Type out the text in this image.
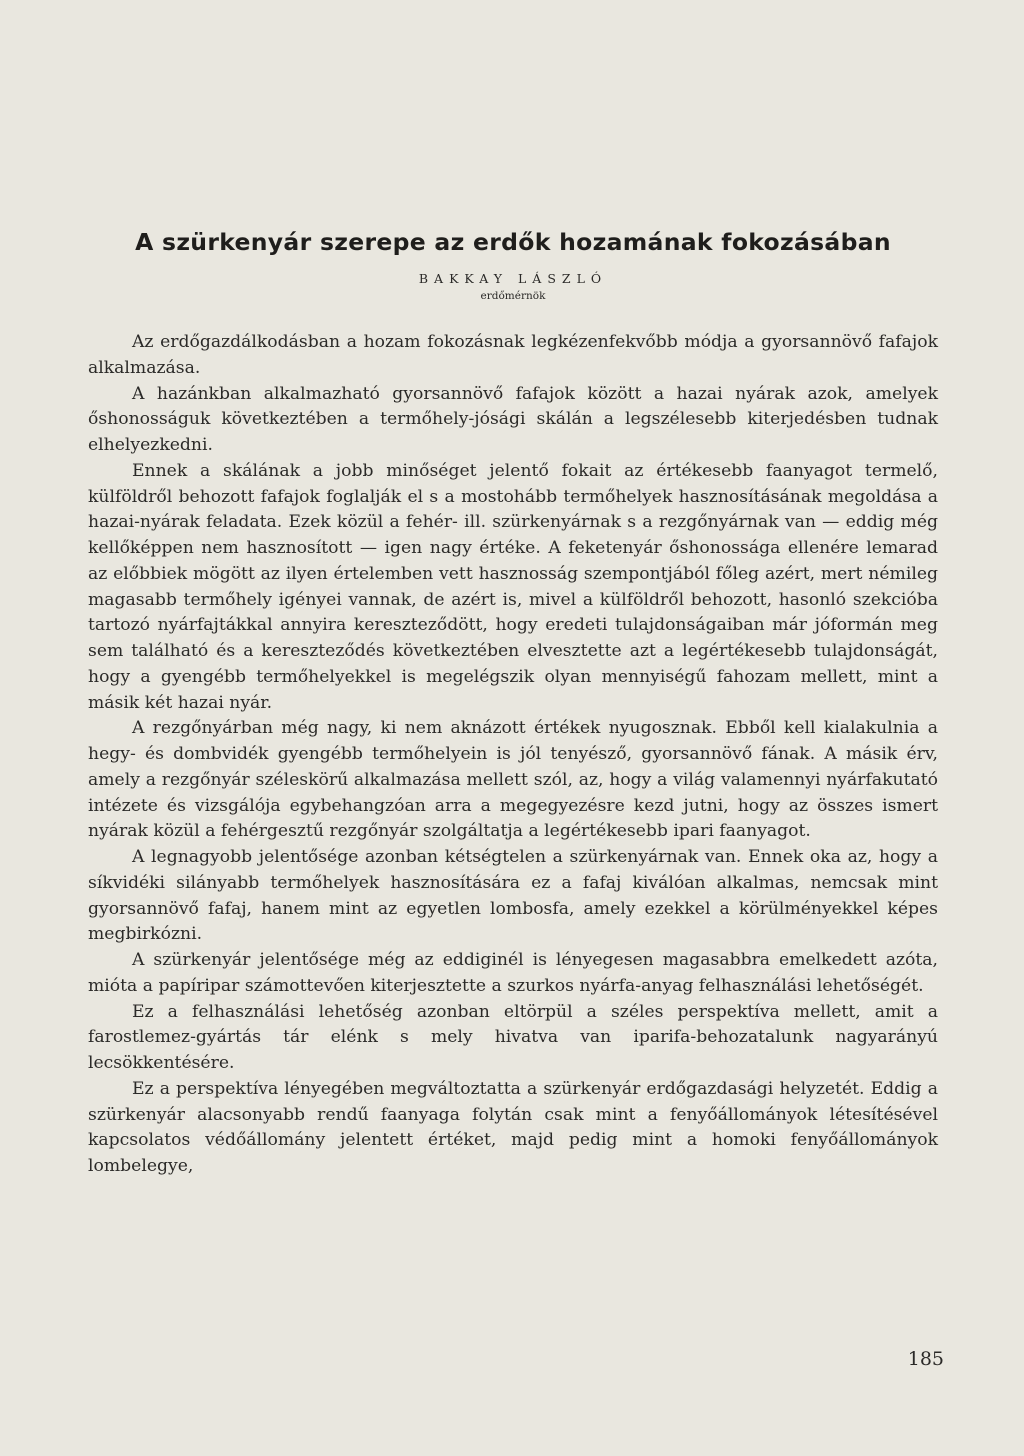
A szürkenyár szerepe az erdők hozamának fokozásában
BAKKAY LÁSZLÓ
erdőmérnök

Az erdőgazdálkodásban a hozam fokozásnak legkézenfekvőbb módja a gyorsannövő fafajok alkalmazása.

A hazánkban alkalmazható gyorsannövő fafajok között a hazai nyárak azok, amelyek őshonosságuk következtében a termőhely-jósági skálán a legszélesebb kiterjedésben tudnak elhelyezkedni.

Ennek a skálának a jobb minőséget jelentő fokait az értékesebb faanyagot termelő, külföldről behozott fafajok foglalják el s a mostohább termőhelyek hasznosításának megoldása a hazai-nyárak feladata. Ezek közül a fehér- ill. szürkenyárnak s a rezgőnyárnak van — eddig még kellőképpen nem hasznosított — igen nagy értéke. A feketenyár őshonossága ellenére lemarad az előbbiek mögött az ilyen értelemben vett hasznosság szempontjából főleg azért, mert némileg magasabb termőhely igényei vannak, de azért is, mivel a külföldről behozott, hasonló szekcióba tartozó nyárfajtákkal annyira kereszteződött, hogy eredeti tulajdonságaiban már jóformán meg sem található és a kereszteződés következtében elvesztette azt a legértékesebb tulajdonságát, hogy a gyengébb termőhelyekkel is megelégszik olyan mennyiségű fahozam mellett, mint a másik két hazai nyár.

A rezgőnyárban még nagy, ki nem aknázott értékek nyugosznak. Ebből kell kialakulnia a hegy- és dombvidék gyengébb termőhelyein is jól tenyésző, gyorsannövő fának. A másik érv, amely a rezgőnyár széleskörű alkalmazása mellett szól, az, hogy a világ valamennyi nyárfakutató intézete és vizsgálója egybehangzóan arra a megegyezésre kezd jutni, hogy az összes ismert nyárak közül a fehérgesztű rezgőnyár szolgáltatja a legértékesebb ipari faanyagot.

A legnagyobb jelentősége azonban kétségtelen a szürkenyárnak van. Ennek oka az, hogy a síkvidéki silányabb termőhelyek hasznosítására ez a fafaj kiválóan alkalmas, nemcsak mint gyorsannövő fafaj, hanem mint az egyetlen lombosfa, amely ezekkel a körülményekkel képes megbirkózni.

A szürkenyár jelentősége még az eddiginél is lényegesen magasabbra emelkedett azóta, mióta a papíripar számottevően kiterjesztette a szurkos nyárfa-anyag felhasználási lehetőségét.

Ez a felhasználási lehetőség azonban eltörpül a széles perspektíva mellett, amit a farostlemez-gyártás tár elénk s mely hivatva van iparifa-behozatalunk nagyarányú lecsökkentésére.

Ez a perspektíva lényegében megváltoztatta a szürkenyár erdőgazdasági helyzetét. Eddig a szürkenyár alacsonyabb rendű faanyaga folytán csak mint a fenyőállományok létesítésével kapcsolatos védőállomány jelentett értéket, majd pedig mint a homoki fenyőállományok lombelegye,

185
